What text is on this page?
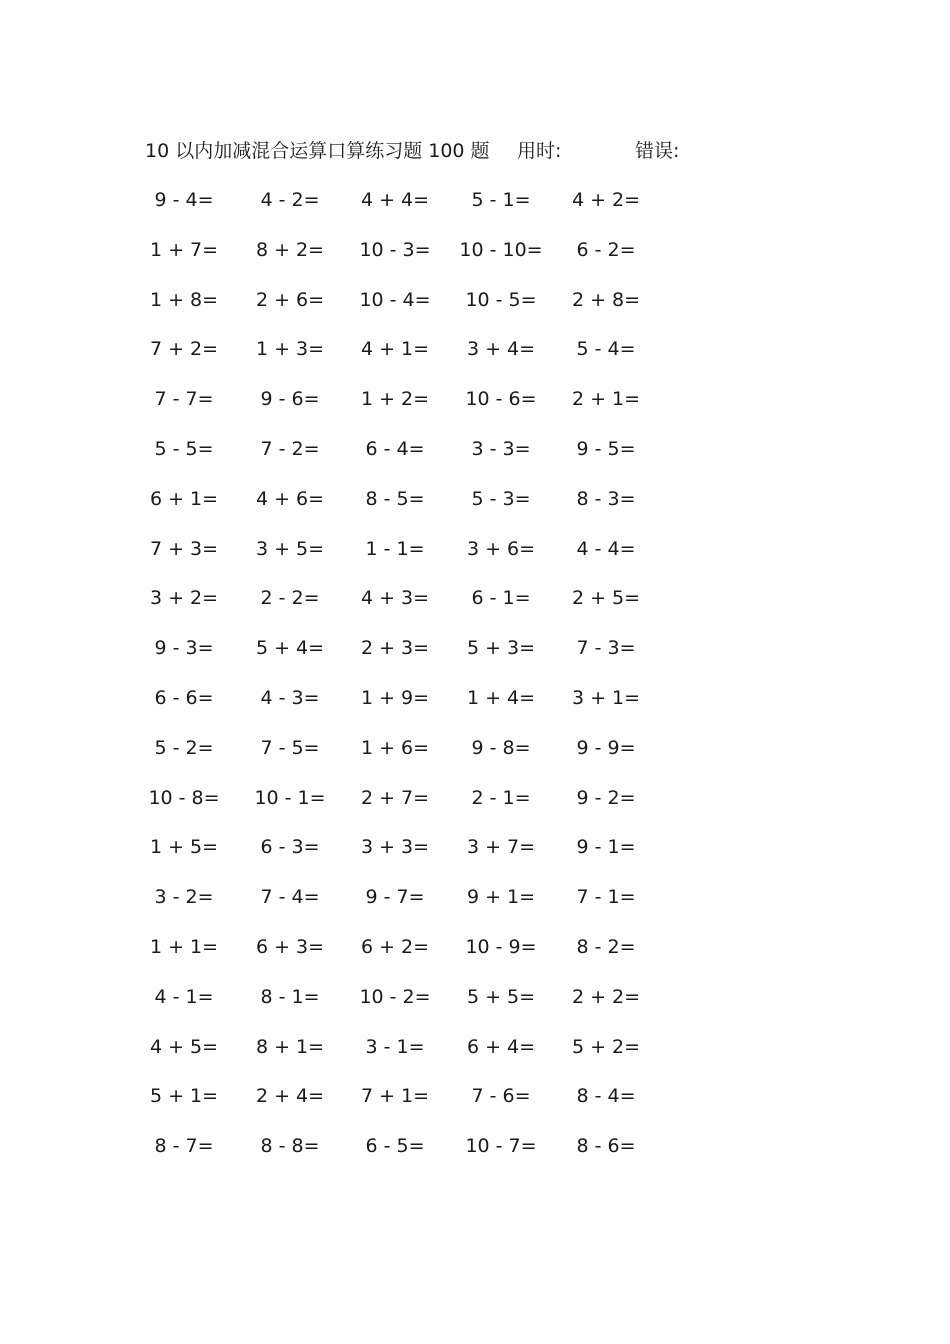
10 以内加减混合运算口算练习题 100 题 用时:	错误:
9 - 4=	4 - 2=	4 + 4=	5 - 1=	4 + 2=
1 + 7=	8 + 2=	10 - 3=	10 - 10=	6 - 2=
1 + 8=	2 + 6=	10 - 4=	10 - 5=	2 + 8=
7 + 2=	1 + 3=	4 + 1=	3 + 4=	5 - 4=
7 - 7=	9 - 6=	1 + 2=	10 - 6=	2 + 1=
5 - 5=	7 - 2=	6 - 4=	3 - 3=	9 - 5=
6 + 1=	4 + 6=	8 - 5=	5 - 3=	8 - 3=
7 + 3=	3 + 5=	1 - 1=	3 + 6=	4 - 4=
3 + 2=	2 - 2=	4 + 3=	6 - 1=	2 + 5=
9 - 3=	5 + 4=	2 + 3=	5 + 3=	7 - 3=
6 - 6=	4 - 3=	1 + 9=	1 + 4=	3 + 1=
5 - 2=	7 - 5=	1 + 6=	9 - 8=	9 - 9=
10 - 8=	10 - 1=	2 + 7=	2 - 1=	9 - 2=
1 + 5=	6 - 3=	3 + 3=	3 + 7=	9 - 1=
3 - 2=	7 - 4=	9 - 7=	9 + 1=	7 - 1=
1 + 1=	6 + 3=	6 + 2=	10 - 9=	8 - 2=
4 - 1=	8 - 1=	10 - 2=	5 + 5=	2 + 2=
4 + 5=	8 + 1=	3 - 1=	6 + 4=	5 + 2=
5 + 1=	2 + 4=	7 + 1=	7 - 6=	8 - 4=
8 - 7=	8 - 8=	6 - 5=	10 - 7=	8 - 6=
